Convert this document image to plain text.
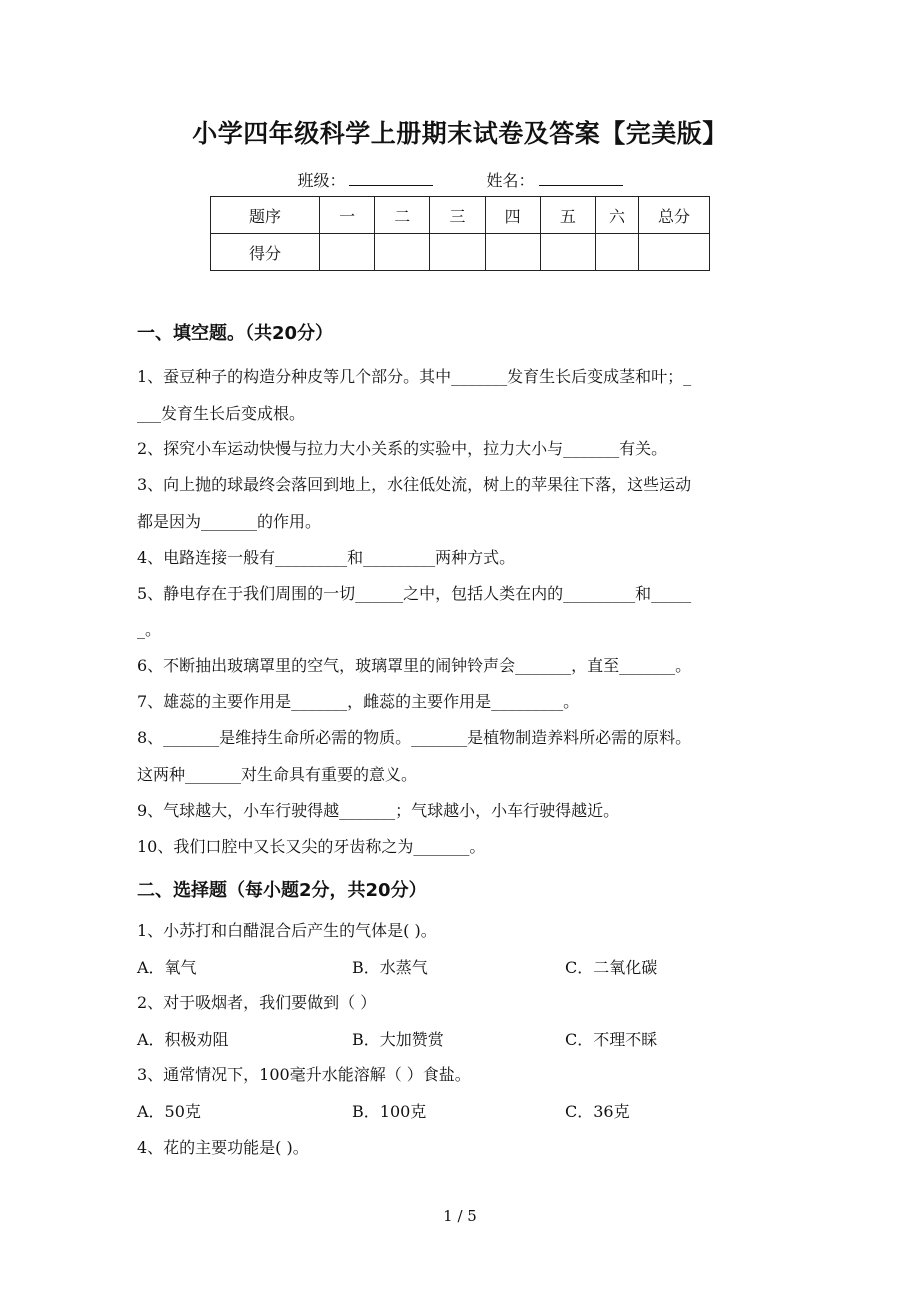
小学四年级科学上册期末试卷及答案【完美版】
班级：	姓名：
题序	一	二	三	四	五	六	总分
得分							
一、填空题。（共20分）
1、蚕豆种子的构造分种皮等几个部分。其中_______发育生长后变成茎和叶；_
___发育生长后变成根。
2、探究小车运动快慢与拉力大小关系的实验中，拉力大小与_______有关。
3、向上抛的球最终会落回到地上，水往低处流，树上的苹果往下落，这些运动
都是因为_______的作用。
4、电路连接一般有_________和_________两种方式。
5、静电存在于我们周围的一切______之中，包括人类在内的_________和_____
_。
6、不断抽出玻璃罩里的空气，玻璃罩里的闹钟铃声会_______，直至_______。
7、雄蕊的主要作用是_______，雌蕊的主要作用是_________。
8、_______是维持生命所必需的物质。_______是植物制造养料所必需的原料。
这两种_______对生命具有重要的意义。
9、气球越大，小车行驶得越_______；气球越小，小车行驶得越近。
10、我们口腔中又长又尖的牙齿称之为_______。
二、选择题（每小题2分，共20分）
1、小苏打和白醋混合后产生的气体是( )。
A．氧气	B．水蒸气	C．二氧化碳
2、对于吸烟者，我们要做到（ ）
A．积极劝阻	B．大加赞赏	C．不理不睬
3、通常情况下，100毫升水能溶解（ ）食盐。
A．50克	B．100克	C．36克
4、花的主要功能是( )。
1 / 5
